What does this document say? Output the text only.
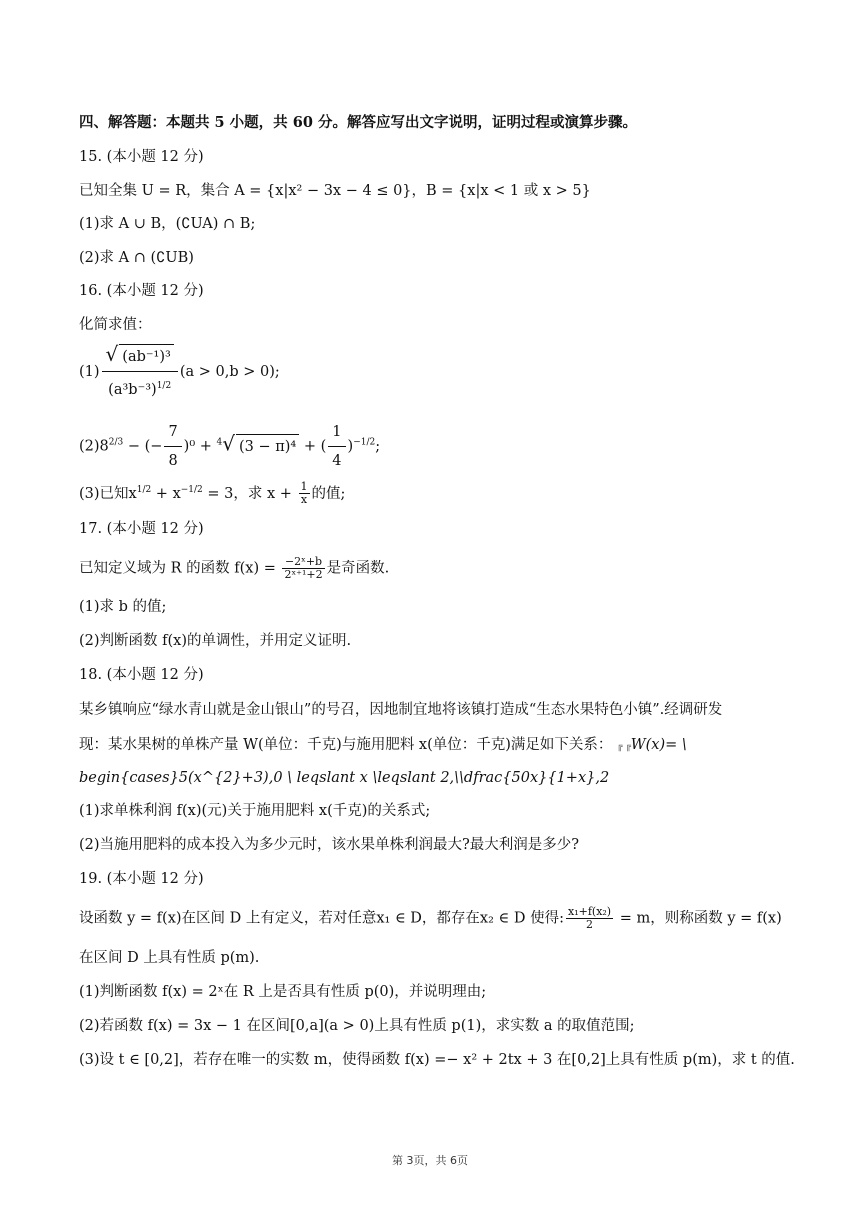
四、解答题：本题共 5 小题，共 60 分。解答应写出文字说明，证明过程或演算步骤。
15. (本小题 12 分)
已知全集 U = R，集合 A = {x|x² − 3x − 4 ≤ 0}，B = {x|x < 1 或 x > 5}
(1)求 A ∪ B，(∁UA) ∩ B;
(2)求 A ∩ (∁UB)
16. (本小题 12 分)
化简求值：
$(1) \frac{\text{√ (ab⁻¹)³}}{(a^3b^{-3})^{1/2}} (a > 0,b > 0)$;
$(2)8^{2/3}$ − (− $\frac{7}{8} )^0 + ^4√$ (3 − π)⁴ + ( $\frac{1}{4} )^{-1/2}$;
(3)已知$x^{1/2} + x^{-1/2} = 3$，求 $x + \frac{1}{x}$ 的值;
17. (本小题 12 分)
已知定义域为 R 的函数 $f(x) = \frac{\text{−2ˣ+b}}{\text{2ˣ⁺¹+2}}$ 是奇函数.
(1)求 b 的值;
(2)判断函数 f(x)的单调性，并用定义证明.
18. (本小题 12 分)
某乡镇响应“绿水青山就是金山银山”的号召，因地制宜地将该镇打造成“生态水果特色小镇”.经调研发
现：某水果树的单株产量 W(单位：千克)与施用肥料 x(单位：千克)满足如下关系： ╔ ╔W(x)= \
begin{cases}5(x^{2}+3),0 \ leqslant x \leqslant 2,\\dfrac{50x}{1+x},2
(1)求单株利润 f(x)(元)关于施用肥料 x(千克)的关系式;
(2)当施用肥料的成本投入为多少元时，该水果单株利润最大?最大利润是多少?
19. (本小题 12 分)
设函数 y = f(x)在区间 D 上有定义，若对任意x₁ ∈ D，都存在x₂ ∈ D 使得: $\frac{\text{x₁+f(x₂)}}{2} = m$，则称函数 y = f(x)
在区间 D 上具有性质 p(m).
(1)判断函数 f(x) = 2ˣ在 R 上是否具有性质 p(0)，并说明理由;
(2)若函数 f(x) = 3x − 1 在区间[0,a](a > 0)上具有性质 p(1)，求实数 a 的取值范围;
(3)设 t ∈ [0,2]，若存在唯一的实数 m，使得函数 f(x) =− x² + 2tx + 3 在[0,2]上具有性质 p(m)，求 t 的值.
第 3页，共 6页
